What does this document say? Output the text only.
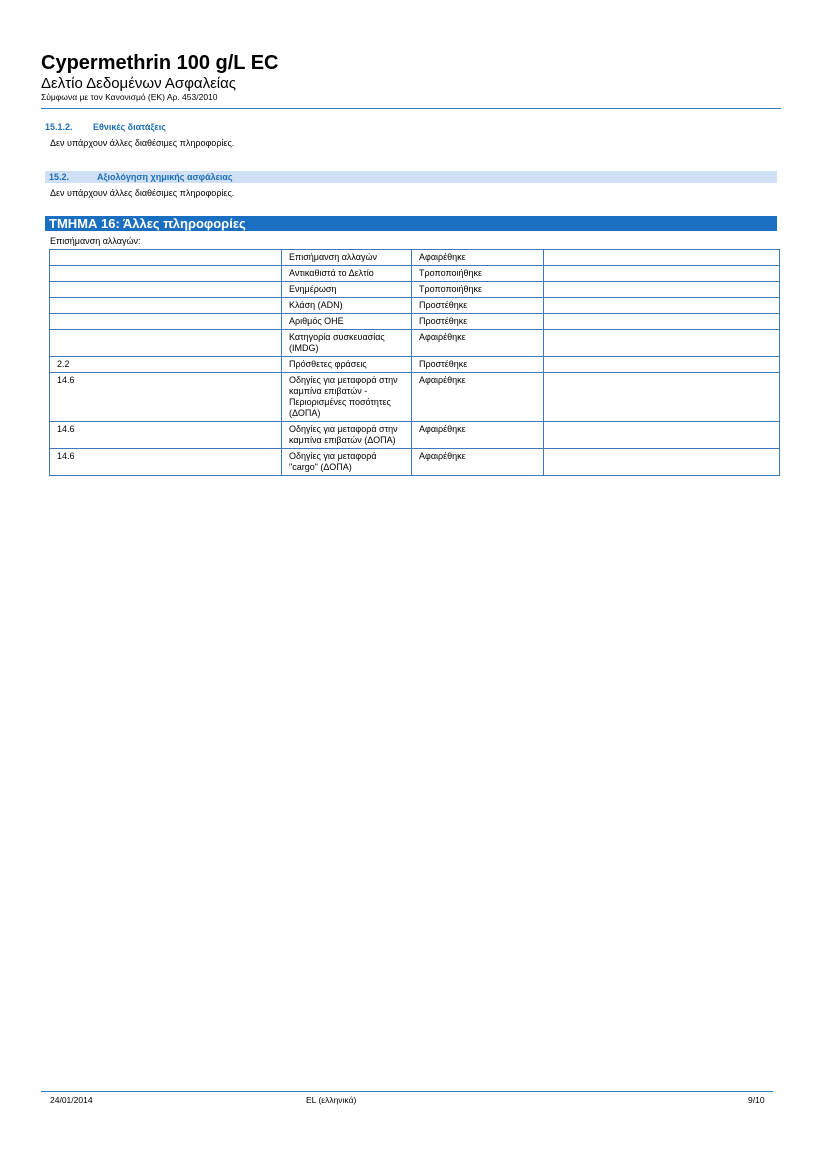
Cypermethrin 100 g/L EC
Δελτίο Δεδομένων Ασφαλείας
Σύμφωνα με τον Κανονισμό (ΕΚ) Αρ. 453/2010
15.1.2. Εθνικές διατάξεις
Δεν υπάρχουν άλλες διαθέσιμες πληροφορίες.
15.2.	Αξιολόγηση χημικής ασφάλειας
Δεν υπάρχουν άλλες διαθέσιμες πληροφορίες.
ΤΜΗΜΑ 16: Άλλες πληροφορίες
Επισήμανση αλλαγών:
	Επισήμανση αλλαγών	Αφαιρέθηκε	
	Αντικαθιστά το Δελτίο	Τροποποιήθηκε	
	Ενημέρωση	Τροποποιήθηκε	
	Κλάση (ADN)	Προστέθηκε	
	Αριθμός ΟΗΕ	Προστέθηκε	
	Κατηγορία συσκευασίας (IMDG)	Αφαιρέθηκε	
2.2	Πρόσθετες φράσεις	Προστέθηκε	
14.6	Οδηγίες για μεταφορά στην καμπίνα επιβατών - Περιορισμένες ποσότητες (ΔΟΠΑ)	Αφαιρέθηκε	
14.6	Οδηγίες για μεταφορά στην καμπίνα επιβατών (ΔΟΠΑ)	Αφαιρέθηκε	
14.6	Οδηγίες για μεταφορά "cargo" (ΔΟΠΑ)	Αφαιρέθηκε	
24/01/2014	EL (ελληνικά)	9/10
